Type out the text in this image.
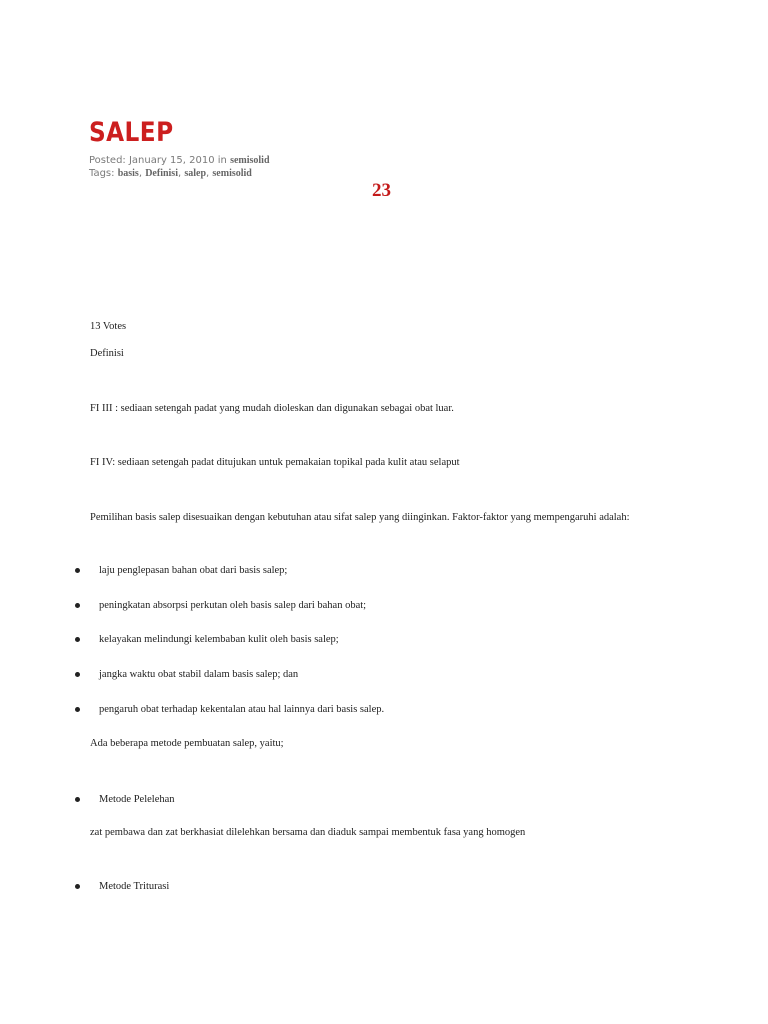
SALEP
Posted: January 15, 2010 in semisolid
Tags: basis, Definisi, salep, semisolid
23
13 Votes
Definisi
FI III : sediaan setengah padat yang mudah dioleskan dan digunakan sebagai obat luar.
FI IV: sediaan setengah padat ditujukan untuk pemakaian topikal pada kulit atau selaput
Pemilihan basis salep disesuaikan dengan kebutuhan atau sifat salep yang diinginkan. Faktor-faktor yang mempengaruhi adalah:
laju penglepasan bahan obat dari basis salep;
peningkatan absorpsi perkutan oleh basis salep dari bahan obat;
kelayakan melindungi kelembaban kulit oleh basis salep;
jangka waktu obat stabil dalam basis salep; dan
pengaruh obat terhadap kekentalan atau hal lainnya dari basis salep.
Ada beberapa metode pembuatan salep, yaitu;
Metode Pelelehan
zat pembawa dan zat berkhasiat dilelehkan bersama dan diaduk sampai membentuk fasa yang homogen
Metode Triturasi
